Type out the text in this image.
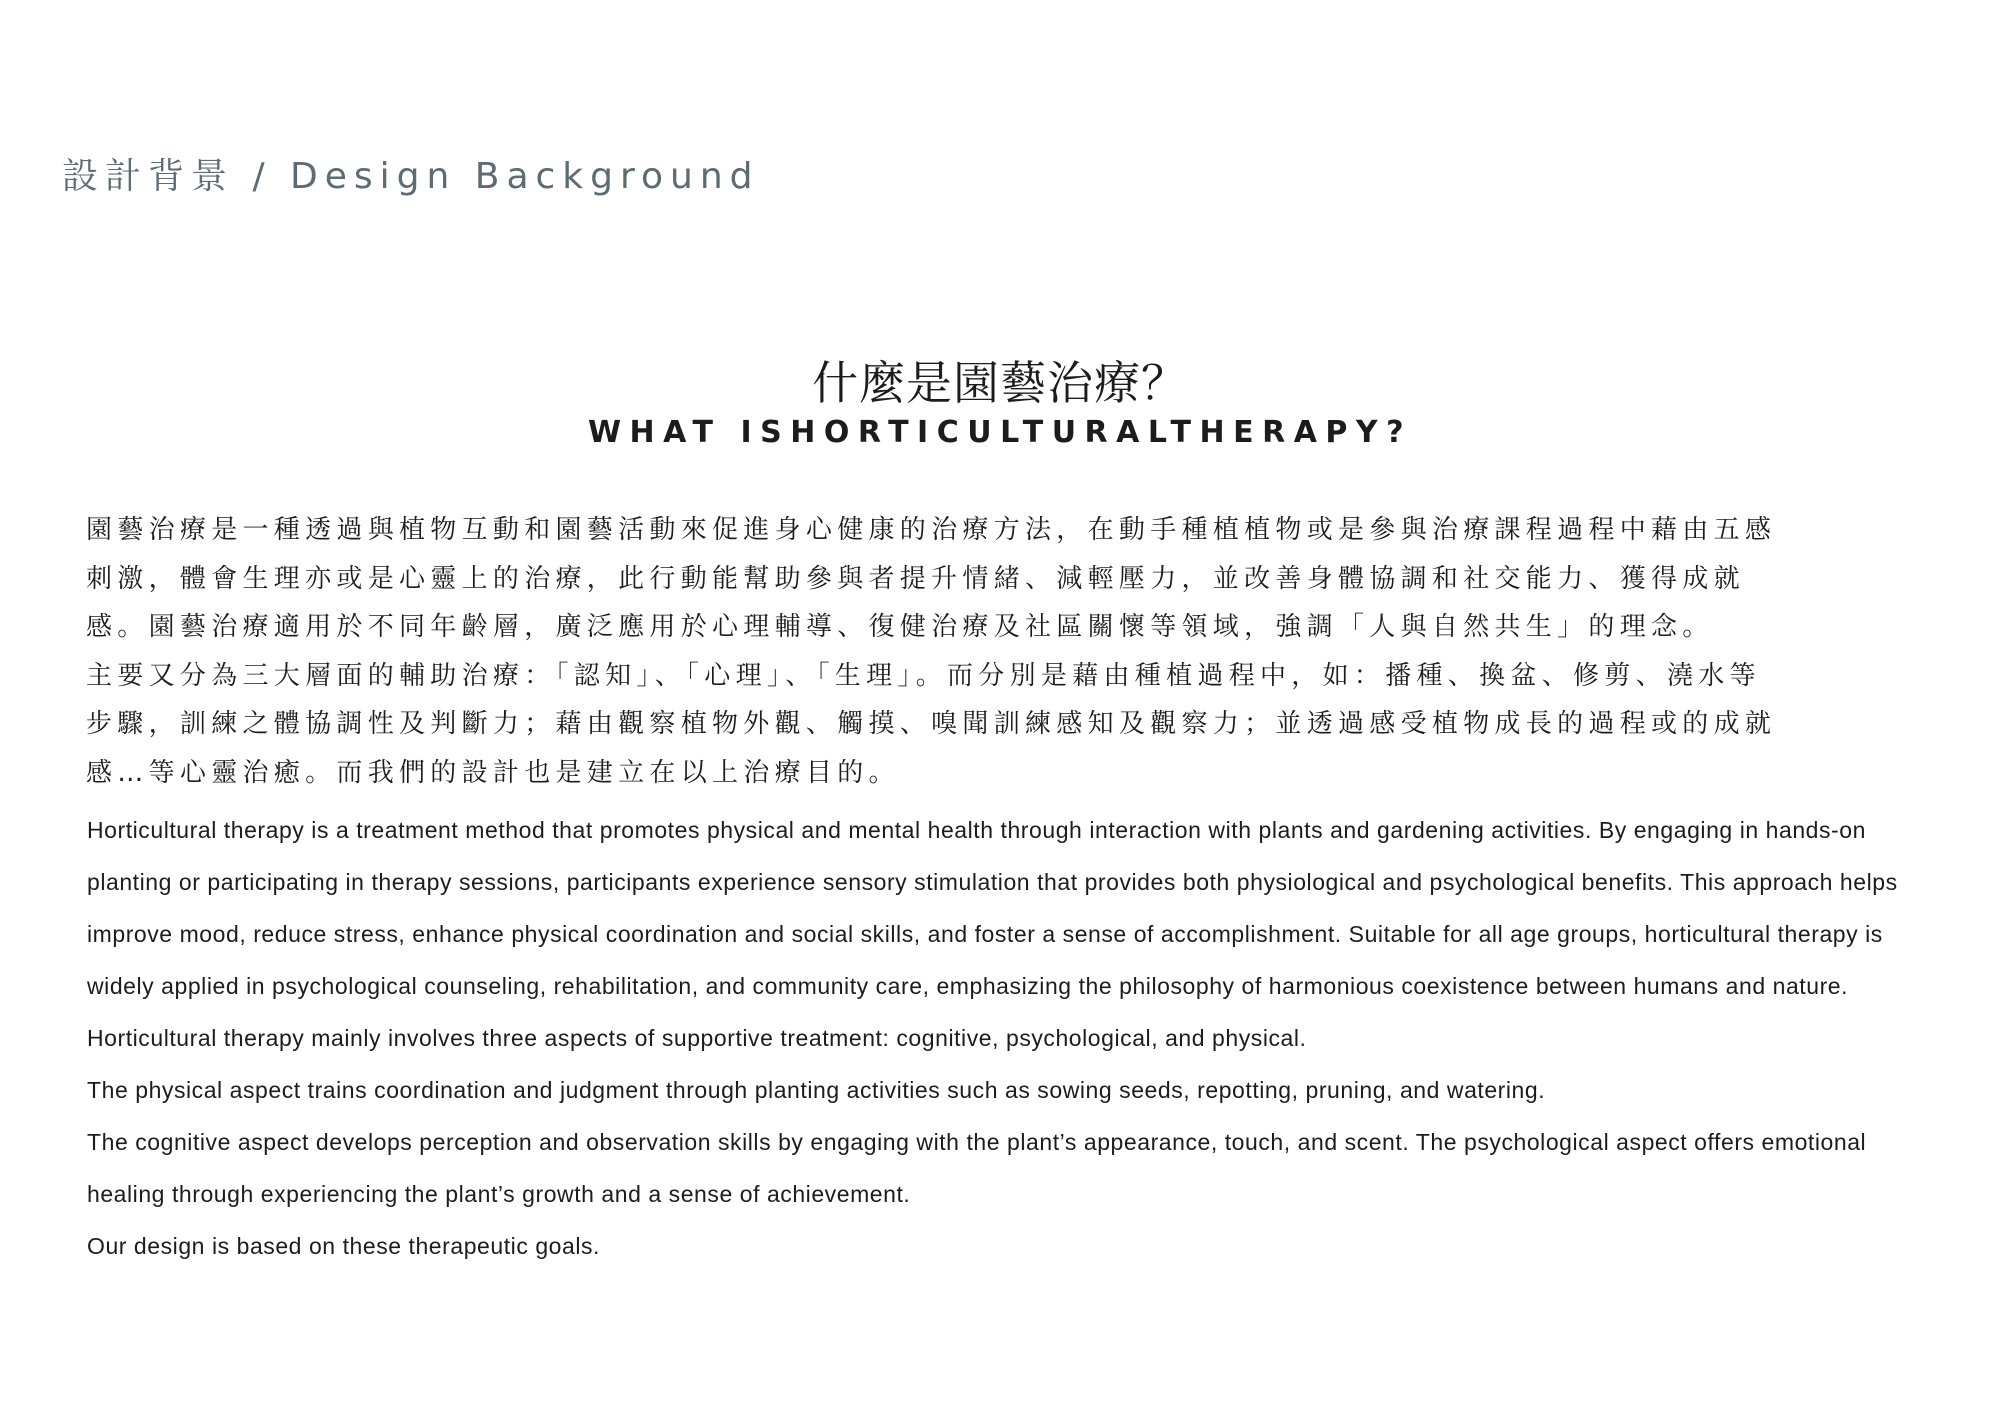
設計背景 / Design Background
什麼是園藝治療？
WHAT ISHORTICULTURALTHERAPY?
園藝治療是一種透過與植物互動和園藝活動來促進身心健康的治療方法，在動手種植植物或是參與治療課程過程中藉由五感
刺激，體會生理亦或是心靈上的治療，此行動能幫助參與者提升情緒、減輕壓力，並改善身體協調和社交能力、獲得成就
感。園藝治療適用於不同年齡層，廣泛應用於心理輔導、復健治療及社區關懷等領域，強調「人與自然共生」的理念。
主要又分為三大層面的輔助治療：「認知」、「心理」、「生理」。而分別是藉由種植過程中，如：播種、換盆、修剪、澆水等
步驟，訓練之體協調性及判斷力；藉由觀察植物外觀、觸摸、嗅聞訓練感知及觀察力；並透過感受植物成長的過程或的成就
感…等心靈治癒。而我們的設計也是建立在以上治療目的。
Horticultural therapy is a treatment method that promotes physical and mental health through interaction with plants and gardening activities. By engaging in hands-on
planting or participating in therapy sessions, participants experience sensory stimulation that provides both physiological and psychological benefits. This approach helps
improve mood, reduce stress, enhance physical coordination and social skills, and foster a sense of accomplishment. Suitable for all age groups, horticultural therapy is
widely applied in psychological counseling, rehabilitation, and community care, emphasizing the philosophy of harmonious coexistence between humans and nature.
Horticultural therapy mainly involves three aspects of supportive treatment: cognitive, psychological, and physical.
The physical aspect trains coordination and judgment through planting activities such as sowing seeds, repotting, pruning, and watering.
The cognitive aspect develops perception and observation skills by engaging with the plant’s appearance, touch, and scent. The psychological aspect offers emotional
healing through experiencing the plant’s growth and a sense of achievement.
Our design is based on these therapeutic goals.
